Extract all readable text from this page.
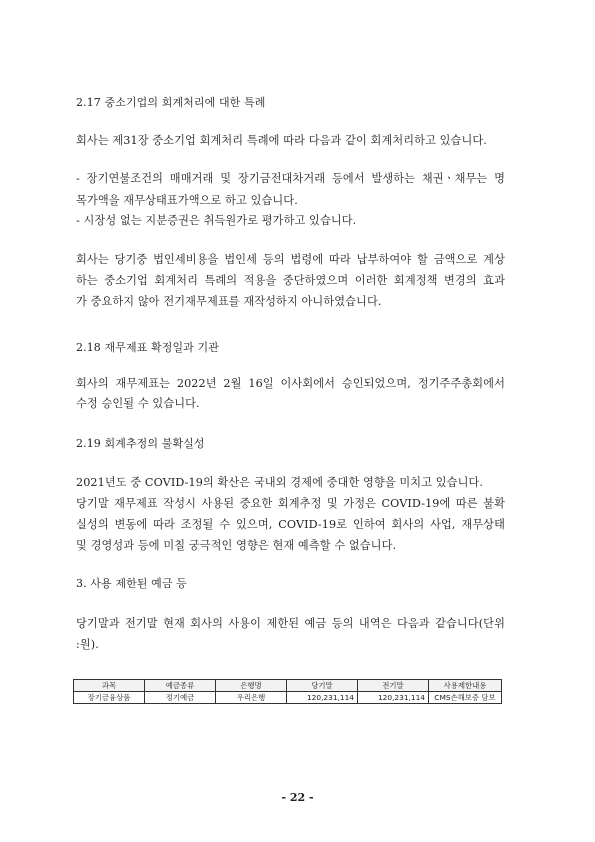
2.17 중소기업의 회계처리에 대한 특례
회사는 제31장 중소기업 회계처리 특례에 따라 다음과 같이 회계처리하고 있습니다.
- 장기연불조건의 매매거래 및 장기금전대차거래 등에서 발생하는 채권ㆍ채무는 명
목가액을 재무상태표가액으로 하고 있습니다.
- 시장성 없는 지분증권은 취득원가로 평가하고 있습니다.
회사는 당기중 법인세비용을 법인세 등의 법령에 따라 납부하여야 할 금액으로 계상
하는 중소기업 회계처리 특례의 적용을 중단하였으며 이러한 회계정책 변경의 효과
가 중요하지 않아 전기재무제표를 재작성하지 아니하였습니다.
2.18 재무제표 확정일과 기관
회사의 재무제표는 2022년 2월 16일 이사회에서 승인되었으며, 정기주주총회에서
수정 승인될 수 있습니다.
2.19 회계추정의 불확실성
2021년도 중 COVID-19의 확산은 국내외 경제에 중대한 영향을 미치고 있습니다.
당기말 재무제표 작성시 사용된 중요한 회계추정 및 가정은 COVID-19에 따른 불확
실성의 변동에 따라 조정될 수 있으며, COVID-19로 인하여 회사의 사업, 재무상태
및 경영성과 등에 미칠 궁극적인 영향은 현재 예측할 수 없습니다.
3. 사용 제한된 예금 등
당기말과 전기말 현재 회사의 사용이 제한된 예금 등의 내역은 다음과 같습니다(단위
:원).
과목	예금종류	은행명	당기말	전기말	사용제한내용
장기금융상품	정기예금	우리은행	120,231,114	120,231,114	CMS손해보증 담보
- 22 -
